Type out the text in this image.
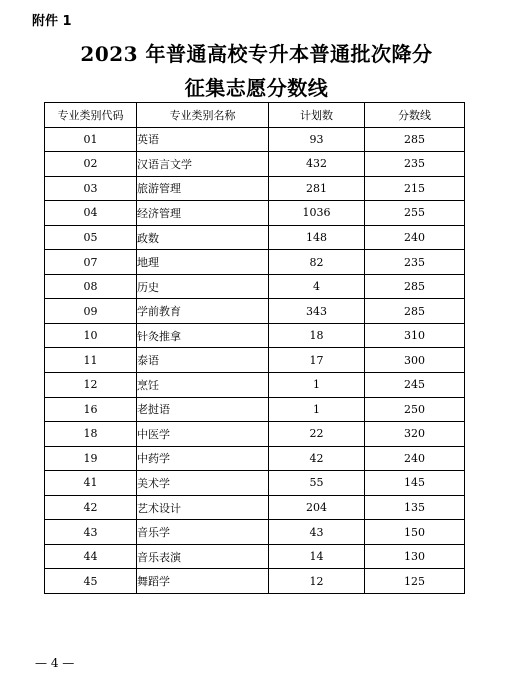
附件 1
2023 年普通高校专升本普通批次降分
征集志愿分数线
专业类别代码	专业类别名称	计划数	分数线
01	英语	93	285
02	汉语言文学	432	235
03	旅游管理	281	215
04	经济管理	1036	255
05	政数	148	240
07	地理	82	235
08	历史	4	285
09	学前教育	343	285
10	针灸推拿	18	310
11	泰语	17	300
12	烹饪	1	245
16	老挝语	1	250
18	中医学	22	320
19	中药学	42	240
41	美术学	55	145
42	艺术设计	204	135
43	音乐学	43	150
44	音乐表演	14	130
45	舞蹈学	12	125
— 4 —
